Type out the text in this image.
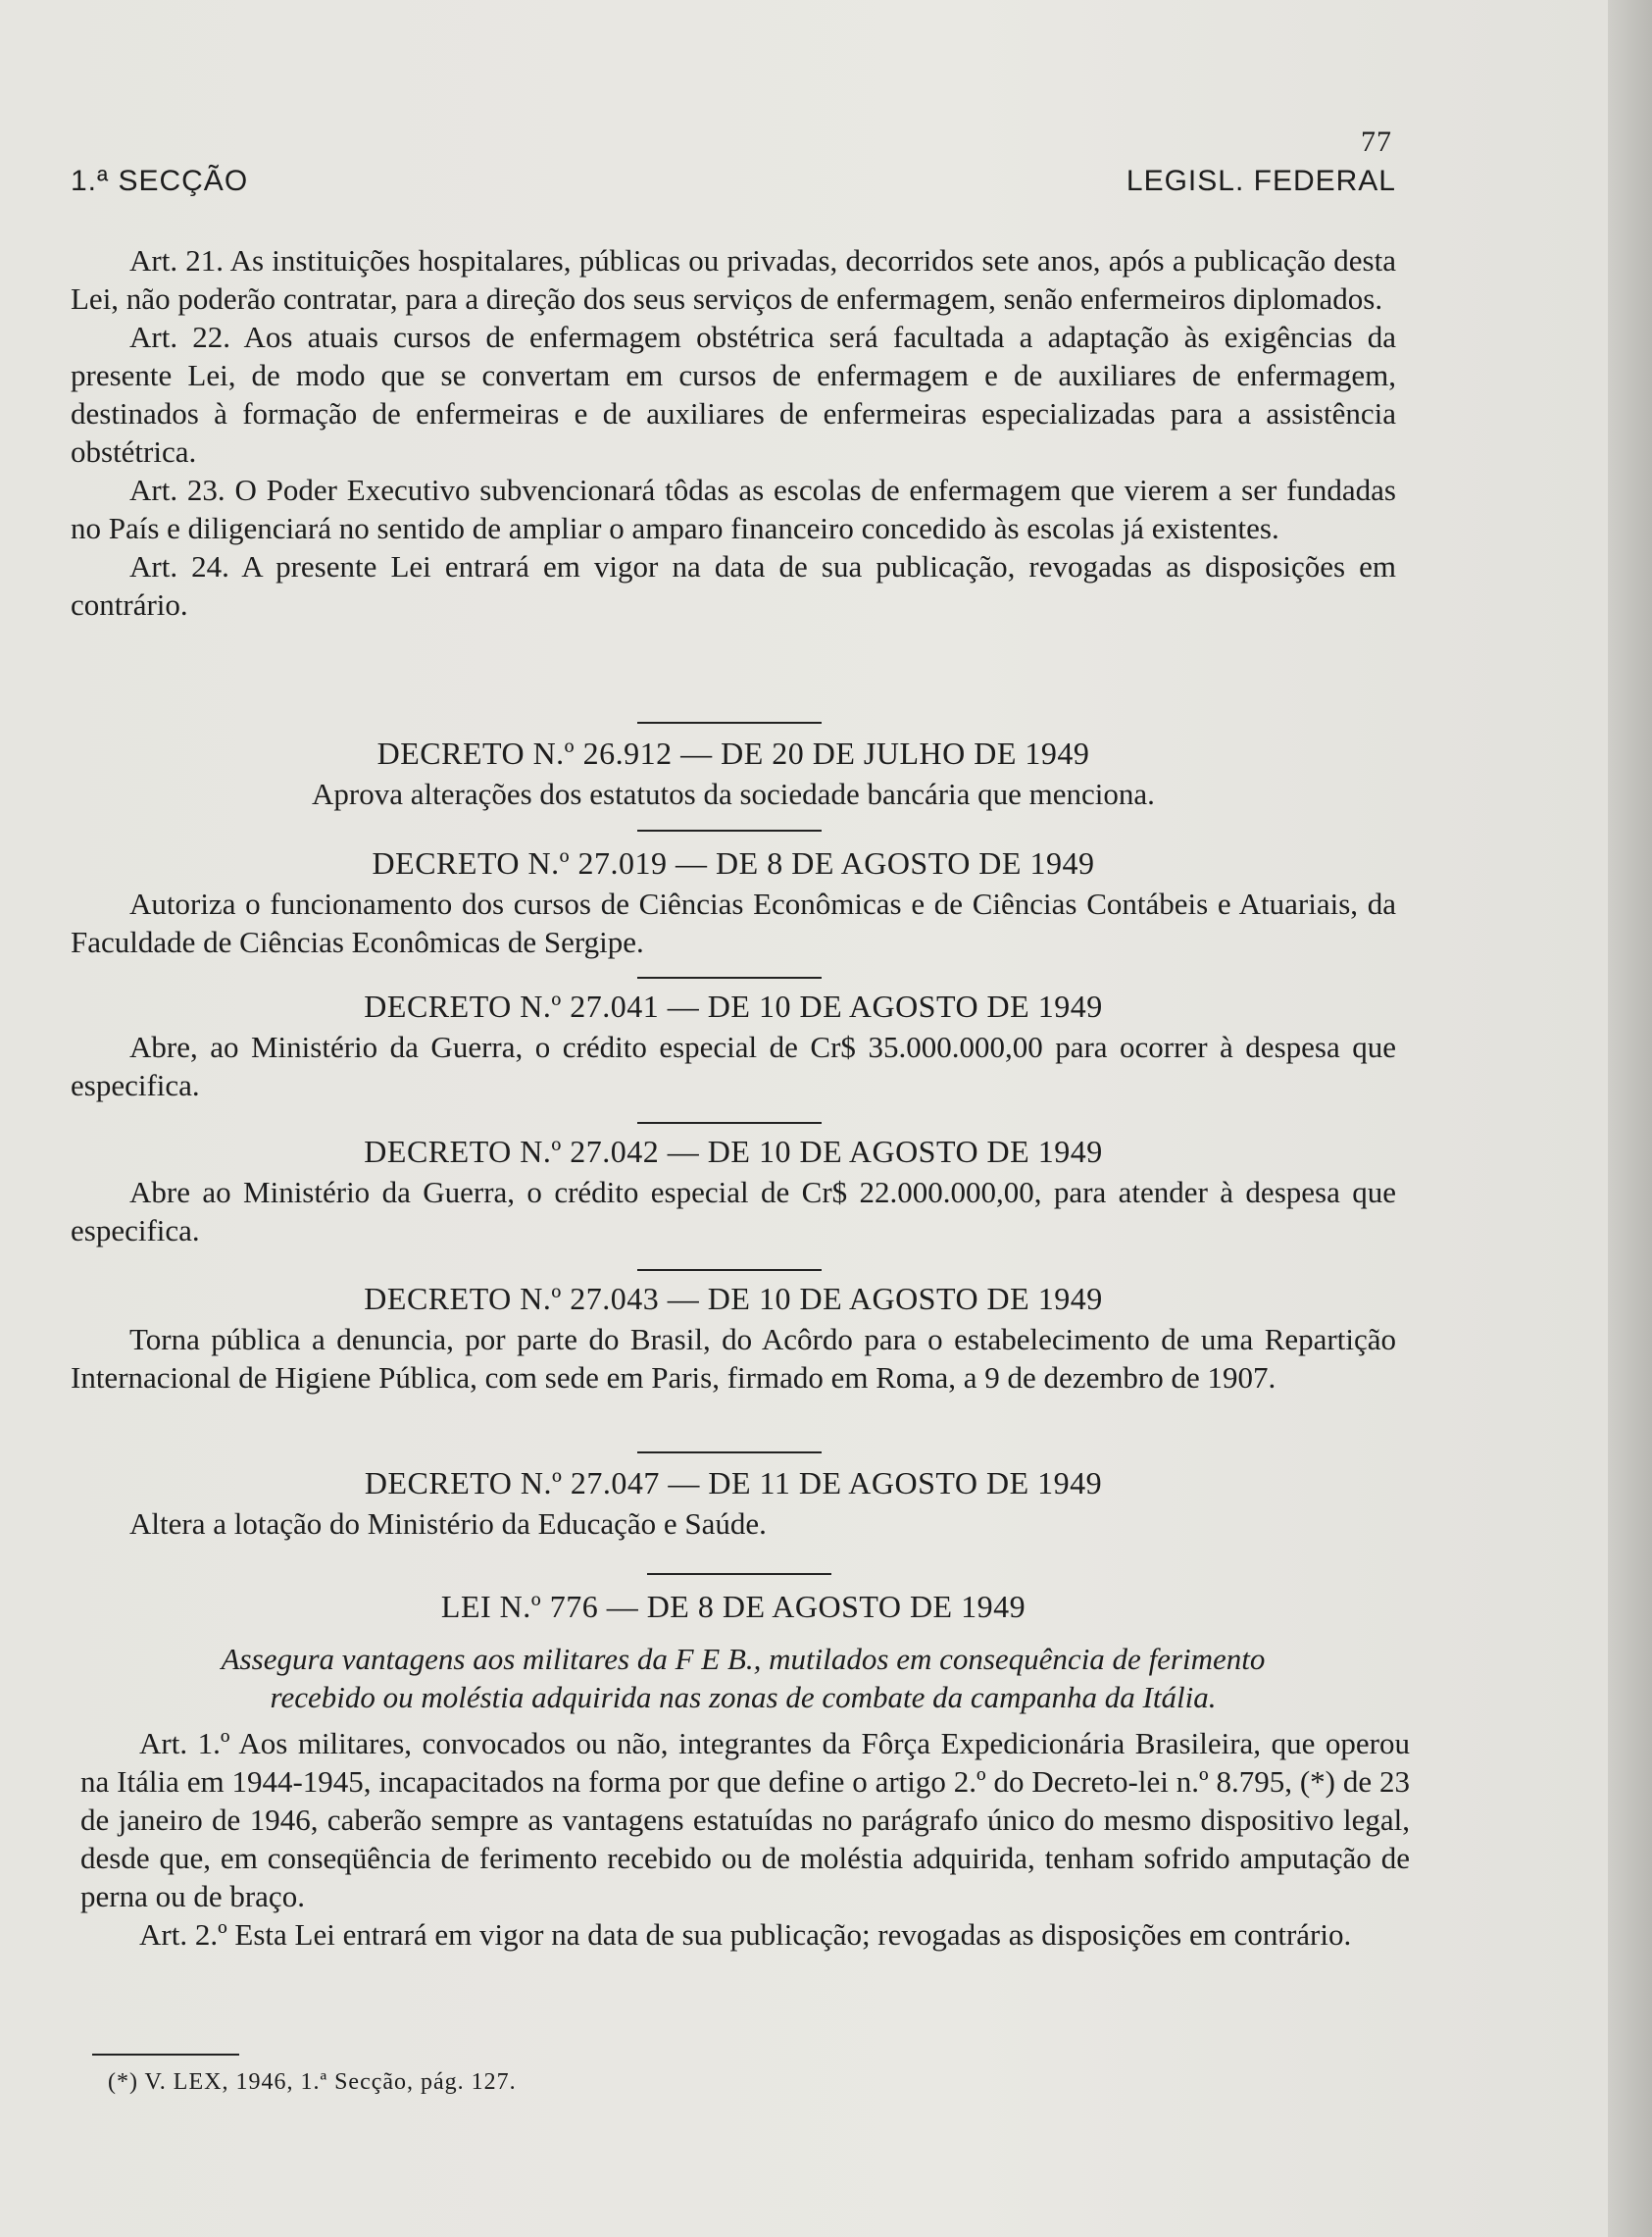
77
1.ª SECÇÃO	LEGISL. FEDERAL

Art. 21. As instituições hospitalares, públicas ou privadas, decorridos sete anos, após a publicação desta Lei, não poderão contratar, para a direção dos seus serviços de enfermagem, senão enfermeiros diplomados.

Art. 22. Aos atuais cursos de enfermagem obstétrica será facultada a adaptação às exigências da presente Lei, de modo que se convertam em cursos de enfermagem e de auxiliares de enfermagem, destinados à formação de enfermeiras e de auxiliares de enfermeiras especializadas para a assistência obstétrica.

Art. 23. O Poder Executivo subvencionará tôdas as escolas de enfermagem que vierem a ser fundadas no País e diligenciará no sentido de ampliar o amparo financeiro concedido às escolas já existentes.

Art. 24. A presente Lei entrará em vigor na data de sua publicação, revogadas as disposições em contrário.

DECRETO N.º 26.912 — DE 20 DE JULHO DE 1949
Aprova alterações dos estatutos da sociedade bancária que menciona.
DECRETO N.º 27.019 — DE 8 DE AGOSTO DE 1949

Autoriza o funcionamento dos cursos de Ciências Econômicas e de Ciências Contábeis e Atuariais, da Faculdade de Ciências Econômicas de Sergipe.

DECRETO N.º 27.041 — DE 10 DE AGOSTO DE 1949

Abre, ao Ministério da Guerra, o crédito especial de Cr$ 35.000.000,00 para ocorrer à despesa que especifica.

DECRETO N.º 27.042 — DE 10 DE AGOSTO DE 1949

Abre ao Ministério da Guerra, o crédito especial de Cr$ 22.000.000,00, para atender à despesa que especifica.

DECRETO N.º 27.043 — DE 10 DE AGOSTO DE 1949

Torna pública a denuncia, por parte do Brasil, do Acôrdo para o estabelecimento de uma Repartição Internacional de Higiene Pública, com sede em Paris, firmado em Roma, a 9 de dezembro de 1907.

DECRETO N.º 27.047 — DE 11 DE AGOSTO DE 1949

Altera a lotação do Ministério da Educação e Saúde.

LEI N.º 776 — DE 8 DE AGOSTO DE 1949
Assegura vantagens aos militares da F E B., mutilados em consequência de ferimento
recebido ou moléstia adquirida nas zonas de combate da campanha da Itália.

Art. 1.º Aos militares, convocados ou não, integrantes da Fôrça Expedicionária Brasileira, que operou na Itália em 1944-1945, incapacitados na forma por que define o artigo 2.º do Decreto-lei n.º 8.795, (*) de 23 de janeiro de 1946, caberão sempre as vantagens estatuídas no parágrafo único do mesmo dispositivo legal, desde que, em conseqüência de ferimento recebido ou de moléstia adquirida, tenham sofrido amputação de perna ou de braço.

Art. 2.º Esta Lei entrará em vigor na data de sua publicação; revogadas as disposições em contrário.

(*) V. LEX, 1946, 1.ª Secção, pág. 127.
